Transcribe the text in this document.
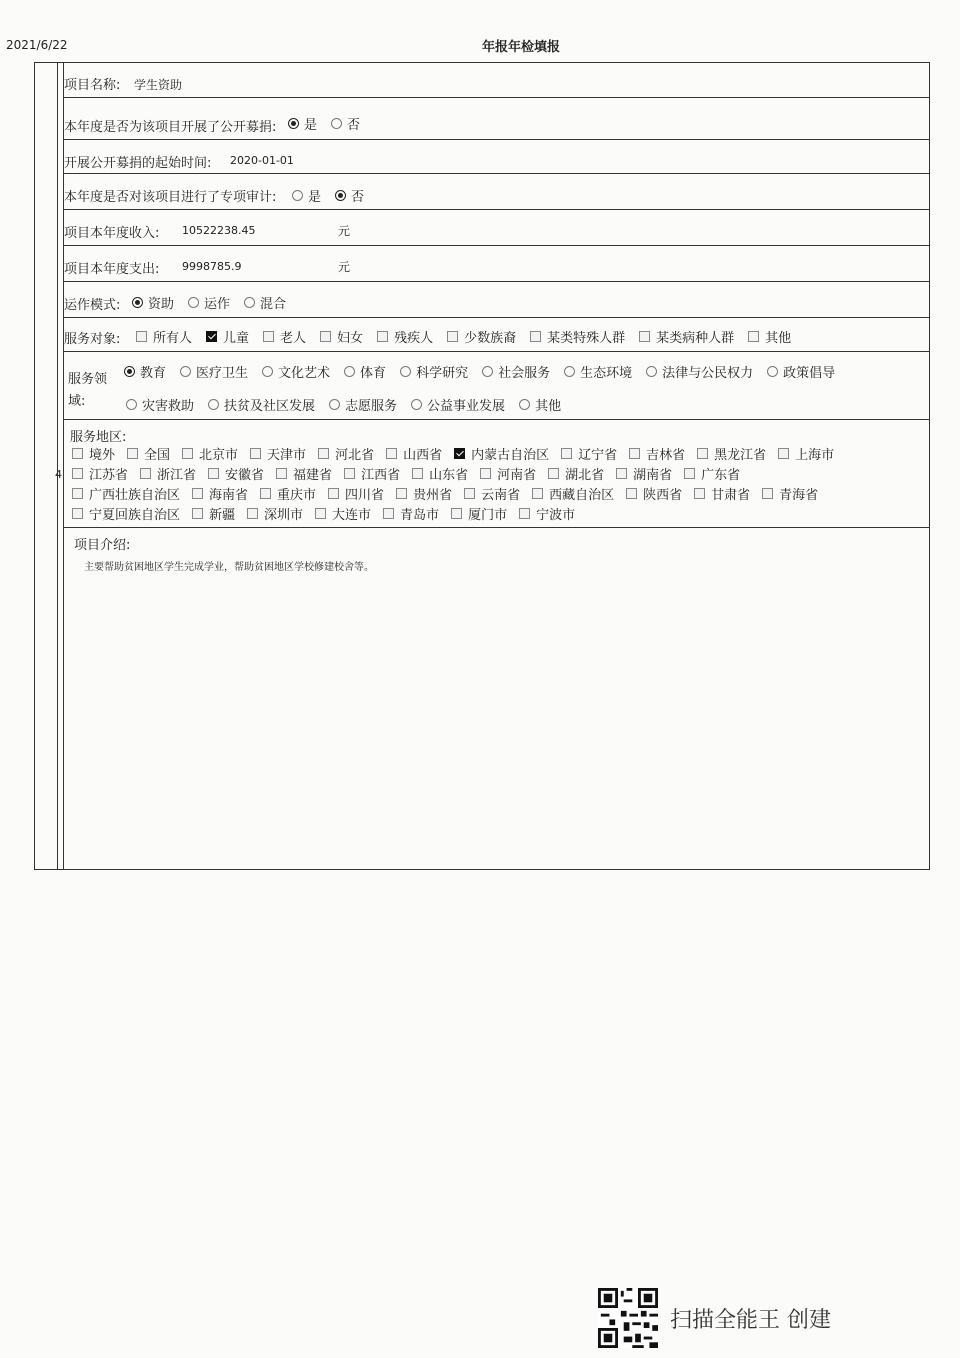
2021/6/22	年报年检填报
4
项目名称: 学生资助
本年度是否为该项目开展了公开募捐: 是 否
开展公开募捐的起始时间: 2020-01-01
本年度是否对该项目进行了专项审计: 是 否
项目本年度收入: 10522238.45	元
项目本年度支出: 9998785.9	元
运作模式: 资助 运作 混合
服务对象:	所有人 儿童 老人 妇女 残疾人 少数族裔 某类特殊人群 某类病种人群 其他
服务领
域:
教育 医疗卫生 文化艺术 体育 科学研究 社会服务 生态环境 法律与公民权力 政策倡导
灾害救助 扶贫及社区发展 志愿服务 公益事业发展 其他
服务地区:
境外 全国 北京市 天津市 河北省 山西省 内蒙古自治区 辽宁省 吉林省 黑龙江省 上海市
江苏省 浙江省 安徽省 福建省 江西省 山东省 河南省 湖北省 湖南省 广东省
广西壮族自治区 海南省 重庆市 四川省 贵州省 云南省 西藏自治区 陕西省 甘肃省 青海省
宁夏回族自治区 新疆 深圳市 大连市 青岛市 厦门市 宁波市
项目介绍:
主要帮助贫困地区学生完成学业，帮助贫困地区学校修建校舍等。
扫描全能王 创建
